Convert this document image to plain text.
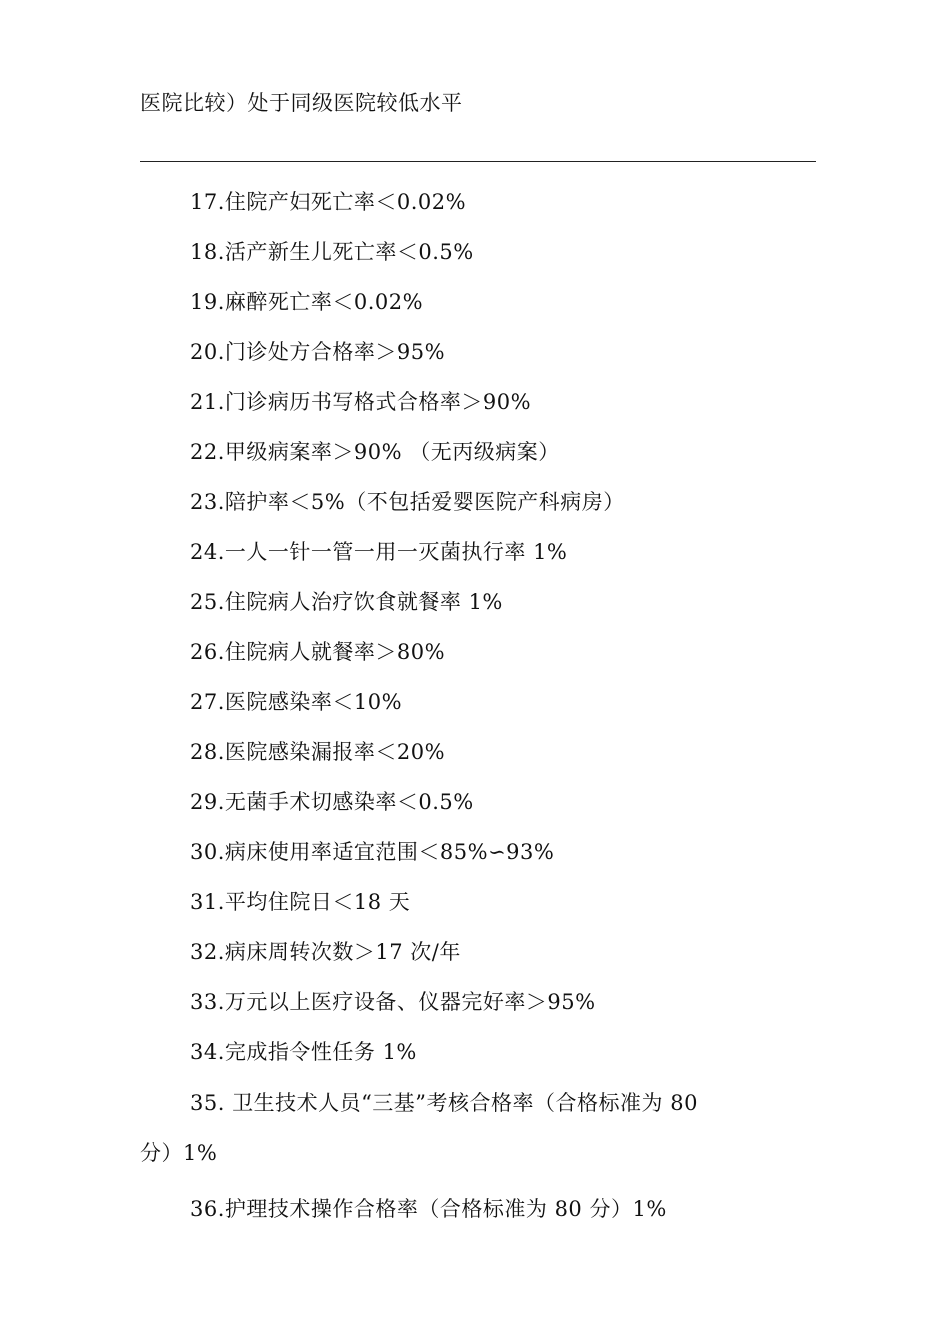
医院比较）处于同级医院较低水平
17.住院产妇死亡率＜0.02%
18.活产新生儿死亡率＜0.5%
19.麻醉死亡率＜0.02%
20.门诊处方合格率＞95%
21.门诊病历书写格式合格率＞90%
22.甲级病案率＞90% （无丙级病案）
23.陪护率＜5%（不包括爱婴医院产科病房）
24.一人一针一管一用一灭菌执行率 1%
25.住院病人治疗饮食就餐率 1%
26.住院病人就餐率＞80%
27.医院感染率＜10%
28.医院感染漏报率＜20%
29.无菌手术切感染率＜0.5%
30.病床使用率适宜范围＜85%∽93%
31.平均住院日＜18 天
32.病床周转次数＞17 次/年
33.万元以上医疗设备、仪器完好率＞95%
34.完成指令性任务 1%
35. 卫生技术人员“三基”考核合格率（合格标准为 80
分）1%
36.护理技术操作合格率（合格标准为 80 分）1%
